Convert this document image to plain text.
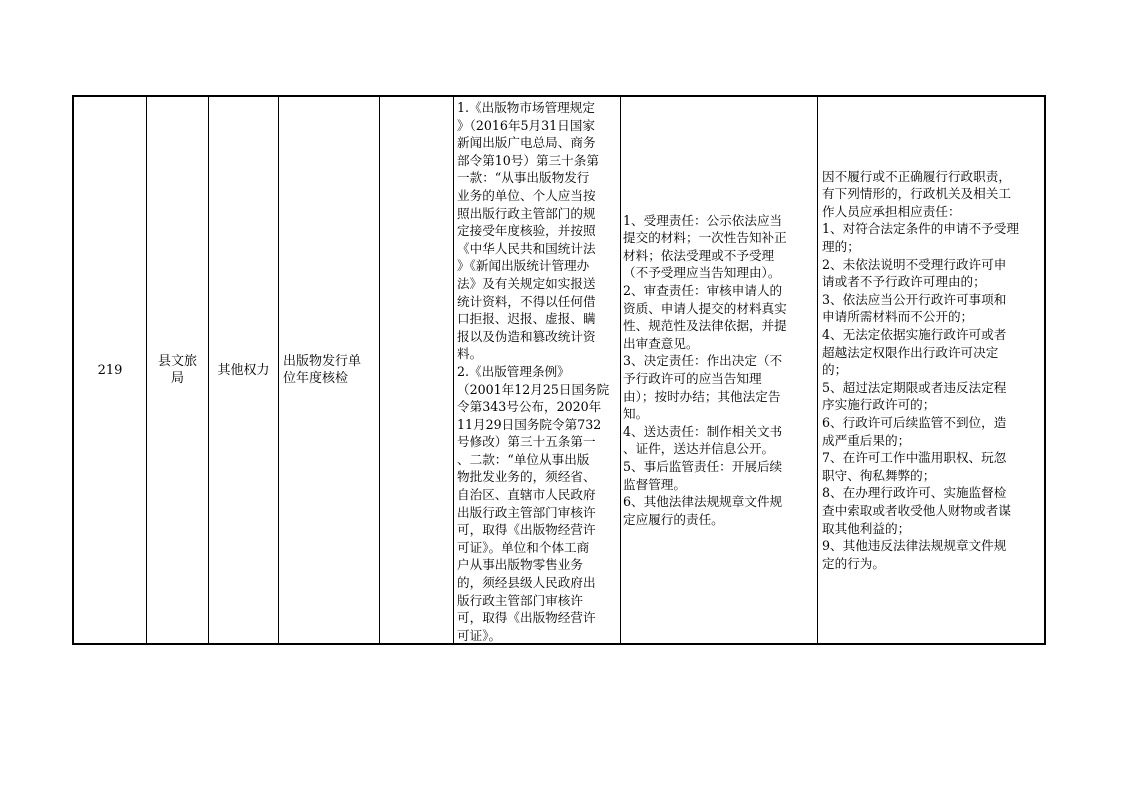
219
县文旅
局
其他权力
出版物发行单
位年度核检
1.《出版物市场管理规定
》（2016年5月31日国家
新闻出版广电总局、商务
部令第10号）第三十条第
一款：“从事出版物发行
业务的单位、个人应当按
照出版行政主管部门的规
定接受年度核验，并按照
《中华人民共和国统计法
》《新闻出版统计管理办
法》及有关规定如实报送
统计资料，不得以任何借
口拒报、迟报、虚报、瞒
报以及伪造和篡改统计资
料。
2.《出版管理条例》
（2001年12月25日国务院
令第343号公布，2020年
11月29日国务院令第732
号修改）第三十五条第一
、二款：“单位从事出版
物批发业务的，须经省、
自治区、直辖市人民政府
出版行政主管部门审核许
可，取得《出版物经营许
可证》。单位和个体工商
户从事出版物零售业务
的，须经县级人民政府出
版行政主管部门审核许
可，取得《出版物经营许
可证》。
1、受理责任：公示依法应当
提交的材料；一次性告知补正
材料；依法受理或不予受理
（不予受理应当告知理由）。
2、审查责任：审核申请人的
资质、申请人提交的材料真实
性、规范性及法律依据，并提
出审查意见。
3、决定责任：作出决定（不
予行政许可的应当告知理
由）；按时办结；其他法定告
知。
4、送达责任：制作相关文书
、证件，送达并信息公开。
5、事后监管责任：开展后续
监督管理。
6、其他法律法规规章文件规
定应履行的责任。
因不履行或不正确履行行政职责，
有下列情形的，行政机关及相关工
作人员应承担相应责任：
1、对符合法定条件的申请不予受理
理的；
2、未依法说明不受理行政许可申
请或者不予行政许可理由的；
3、依法应当公开行政许可事项和
申请所需材料而不公开的；
4、无法定依据实施行政许可或者
超越法定权限作出行政许可决定
的；
5、超过法定期限或者违反法定程
序实施行政许可的；
6、行政许可后续监管不到位，造
成严重后果的；
7、在许可工作中滥用职权、玩忽
职守、徇私舞弊的；
8、在办理行政许可、实施监督检
查中索取或者收受他人财物或者谋
取其他利益的；
9、其他违反法律法规规章文件规
定的行为。
